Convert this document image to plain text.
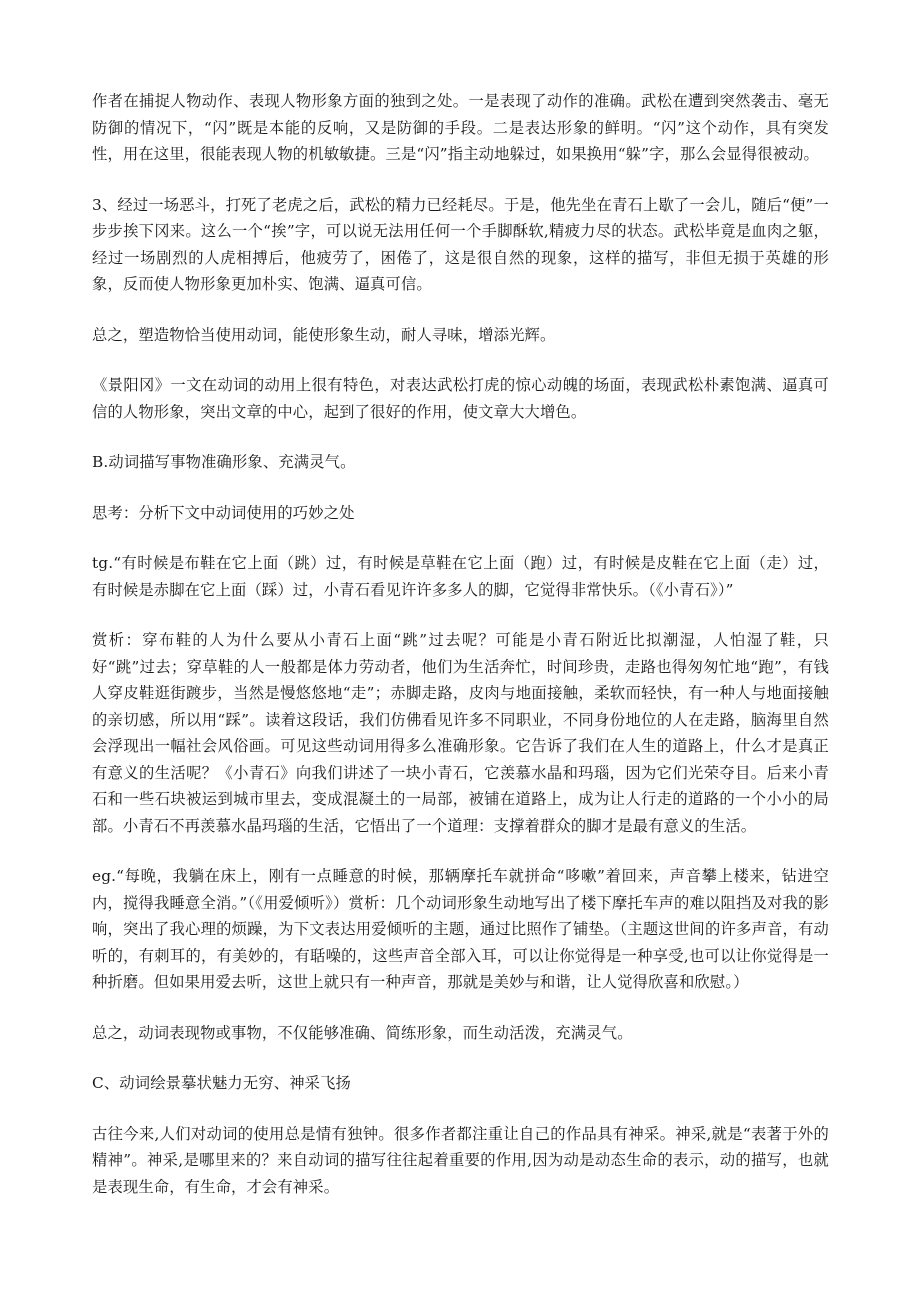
作者在捕捉人物动作、表现人物形象方面的独到之处。一是表现了动作的准确。武松在遭到突然袭击、毫无防御的情况下，“闪”既是本能的反响，又是防御的手段。二是表达形象的鲜明。“闪”这个动作，具有突发性，用在这里，很能表现人物的机敏敏捷。三是“闪”指主动地躲过，如果换用“躲”字，那么会显得很被动。

3、经过一场恶斗，打死了老虎之后，武松的精力已经耗尽。于是，他先坐在青石上歇了一会儿，随后“便”一步步挨下冈来。这么一个“挨”字，可以说无法用任何一个手脚酥软,精疲力尽的状态。武松毕竟是血肉之躯，经过一场剧烈的人虎相搏后，他疲劳了，困倦了，这是很自然的现象，这样的描写，非但无损于英雄的形象，反而使人物形象更加朴实、饱满、逼真可信。

总之，塑造物恰当使用动词，能使形象生动，耐人寻味，增添光辉。

《景阳冈》一文在动词的动用上很有特色，对表达武松打虎的惊心动魄的场面，表现武松朴素饱满、逼真可信的人物形象，突出文章的中心，起到了很好的作用，使文章大大增色。

B.动词描写事物准确形象、充满灵气。

思考：分析下文中动词使用的巧妙之处

tg.“有时候是布鞋在它上面（跳）过，有时候是草鞋在它上面（跑）过，有时候是皮鞋在它上面（走）过，有时候是赤脚在它上面（踩）过，小青石看见许许多多人的脚，它觉得非常快乐。（《小青石》）”

赏析：穿布鞋的人为什么要从小青石上面“跳”过去呢？可能是小青石附近比拟潮湿，人怕湿了鞋，只好“跳”过去；穿草鞋的人一般都是体力劳动者，他们为生活奔忙，时间珍贵，走路也得匆匆忙地“跑”，有钱人穿皮鞋逛街踱步，当然是慢悠悠地“走”；赤脚走路，皮肉与地面接触，柔软而轻快，有一种人与地面接触的亲切感，所以用“踩”。读着这段话，我们仿佛看见许多不同职业，不同身份地位的人在走路，脑海里自然会浮现出一幅社会风俗画。可见这些动词用得多么准确形象。它告诉了我们在人生的道路上，什么才是真正有意义的生活呢？《小青石》向我们讲述了一块小青石，它羡慕水晶和玛瑙，因为它们光荣夺目。后来小青石和一些石块被运到城市里去，变成混凝土的一局部，被铺在道路上，成为让人行走的道路的一个小小的局部。小青石不再羡慕水晶玛瑙的生活，它悟出了一个道理：支撑着群众的脚才是最有意义的生活。

eg.“每晚，我躺在床上，刚有一点睡意的时候，那辆摩托车就拼命“哆嗽”着回来，声音攀上楼来，钻进空内，搅得我睡意全消。”（《用爱倾听》）赏析：几个动词形象生动地写出了楼下摩托车声的难以阻挡及对我的影响，突出了我心理的烦躁，为下文表达用爱倾听的主题，通过比照作了铺垫。（主题这世间的许多声音，有动听的，有刺耳的，有美妙的，有聒噪的，这些声音全部入耳，可以让你觉得是一种享受,也可以让你觉得是一种折磨。但如果用爱去听，这世上就只有一种声音，那就是美妙与和谐，让人觉得欣喜和欣慰。）

总之，动词表现物或事物，不仅能够准确、简练形象，而生动活泼，充满灵气。

C、动词绘景摹状魅力无穷、神采飞扬

古往今来,人们对动词的使用总是情有独钟。很多作者都注重让自己的作品具有神采。神采,就是“表著于外的精神”。神采,是哪里来的？来自动词的描写往往起着重要的作用,因为动是动态生命的表示，动的描写，也就是表现生命，有生命，才会有神采。
